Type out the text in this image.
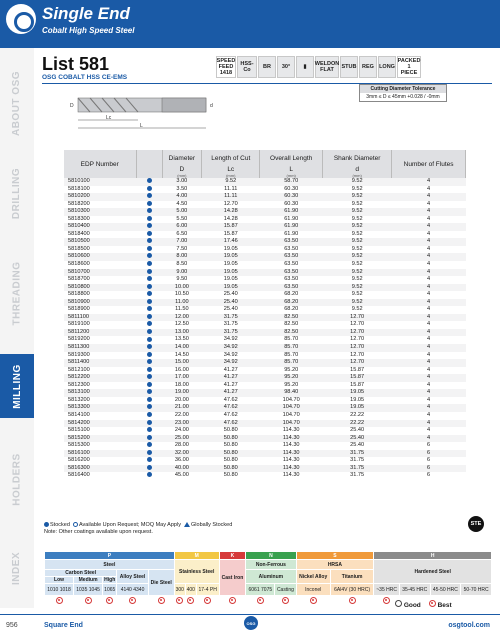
Single End
Cobalt High Speed Steel
ABOUT OSG
DRILLING
THREADING
MILLING
HOLDERS
INDEX
List 581
OSG COBALT HSS CE-EMS
SPEED FEED
1418
HSS-Co
BR	30°	▮
WELDON FLAT
STUB	REG LONG
PACKED
1 PIECE
Cutting Diameter Tolerance
3mm ≤ D ≤ 45mm +0.028 / -0mm
Lc
L
D	d
EDP Number		Diameter	Length of Cut	Overall Length	Shank Diameter	Number of Flutes
		D
(mm)	Lc
(mm)	L
(mm)	d
(mm)	

5810100		3.00	9.52	58.70	9.52	4
5818100		3.50	11.11	60.30	9.52	4
5810200		4.00	11.11	60.30	9.52	4
5818200		4.50	12.70	60.30	9.52	4
5810300		5.00	14.28	61.90	9.52	4
5818300		5.50	14.28	61.90	9.52	4
5810400		6.00	15.87	61.90	9.52	4
5818400		6.50	15.87	61.90	9.52	4
5810500		7.00	17.46	63.50	9.52	4
5818500		7.50	19.05	63.50	9.52	4
5810600		8.00	19.05	63.50	9.52	4
5818600		8.50	19.05	63.50	9.52	4
5810700		9.00	19.05	63.50	9.52	4
5818700		9.50	19.05	63.50	9.52	4
5810800		10.00	19.05	63.50	9.52	4
5818800		10.50	25.40	68.20	9.52	4
5810900		11.00	25.40	68.20	9.52	4
5818900		11.50	25.40	68.20	9.52	4
5811100		12.00	31.75	82.50	12.70	4
5819100		12.50	31.75	82.50	12.70	4
5811200		13.00	31.75	82.50	12.70	4
5819200		13.50	34.92	85.70	12.70	4
5811300		14.00	34.92	85.70	12.70	4
5819300		14.50	34.92	85.70	12.70	4
5811400		15.00	34.92	85.70	12.70	4
5812100		16.00	41.27	95.20	15.87	4
5812200		17.00	41.27	95.20	15.87	4
5812300		18.00	41.27	95.20	15.87	4
5813100		19.00	41.27	98.40	19.05	4
5813200		20.00	47.62	104.70	19.05	4
5813300		21.00	47.62	104.70	19.05	4
5814100		22.00	47.62	104.70	22.22	4
5814200		23.00	47.62	104.70	22.22	4
5815100		24.00	50.80	114.30	25.40	4
5815200		25.00	50.80	114.30	25.40	4
5815300		28.00	50.80	114.30	25.40	6
5816100		32.00	50.80	114.30	31.75	6
5816200		36.00	50.80	114.30	31.75	6
5816300		40.00	50.80	114.30	31.75	6
5816400		45.00	50.80	114.30	31.75	6
Stocked Available Upon Request; MOQ May Apply Globally Stocked
Note: Other coatings available upon request.
STE
P					M			K	N		S		H			
Steel					Stainless Steel			Cast Iron	Non-Ferrous		HRSA		Hardened Steel			
Carbon Steel			Alloy Steel	Die Steel					Aluminum		Nickel Alloy	Titanium				
Low	Medium	High														
1010 1018	1035 1045	1065	4140 4340		300	400	17-4 PH		6061 7075	Casting	Inconel	6Al4V (30 HRC)	~35 HRC	35-45 HRC	45-50 HRC	50-70 HRC

Good	Best
956	Square End	OSG	osgtool.com
